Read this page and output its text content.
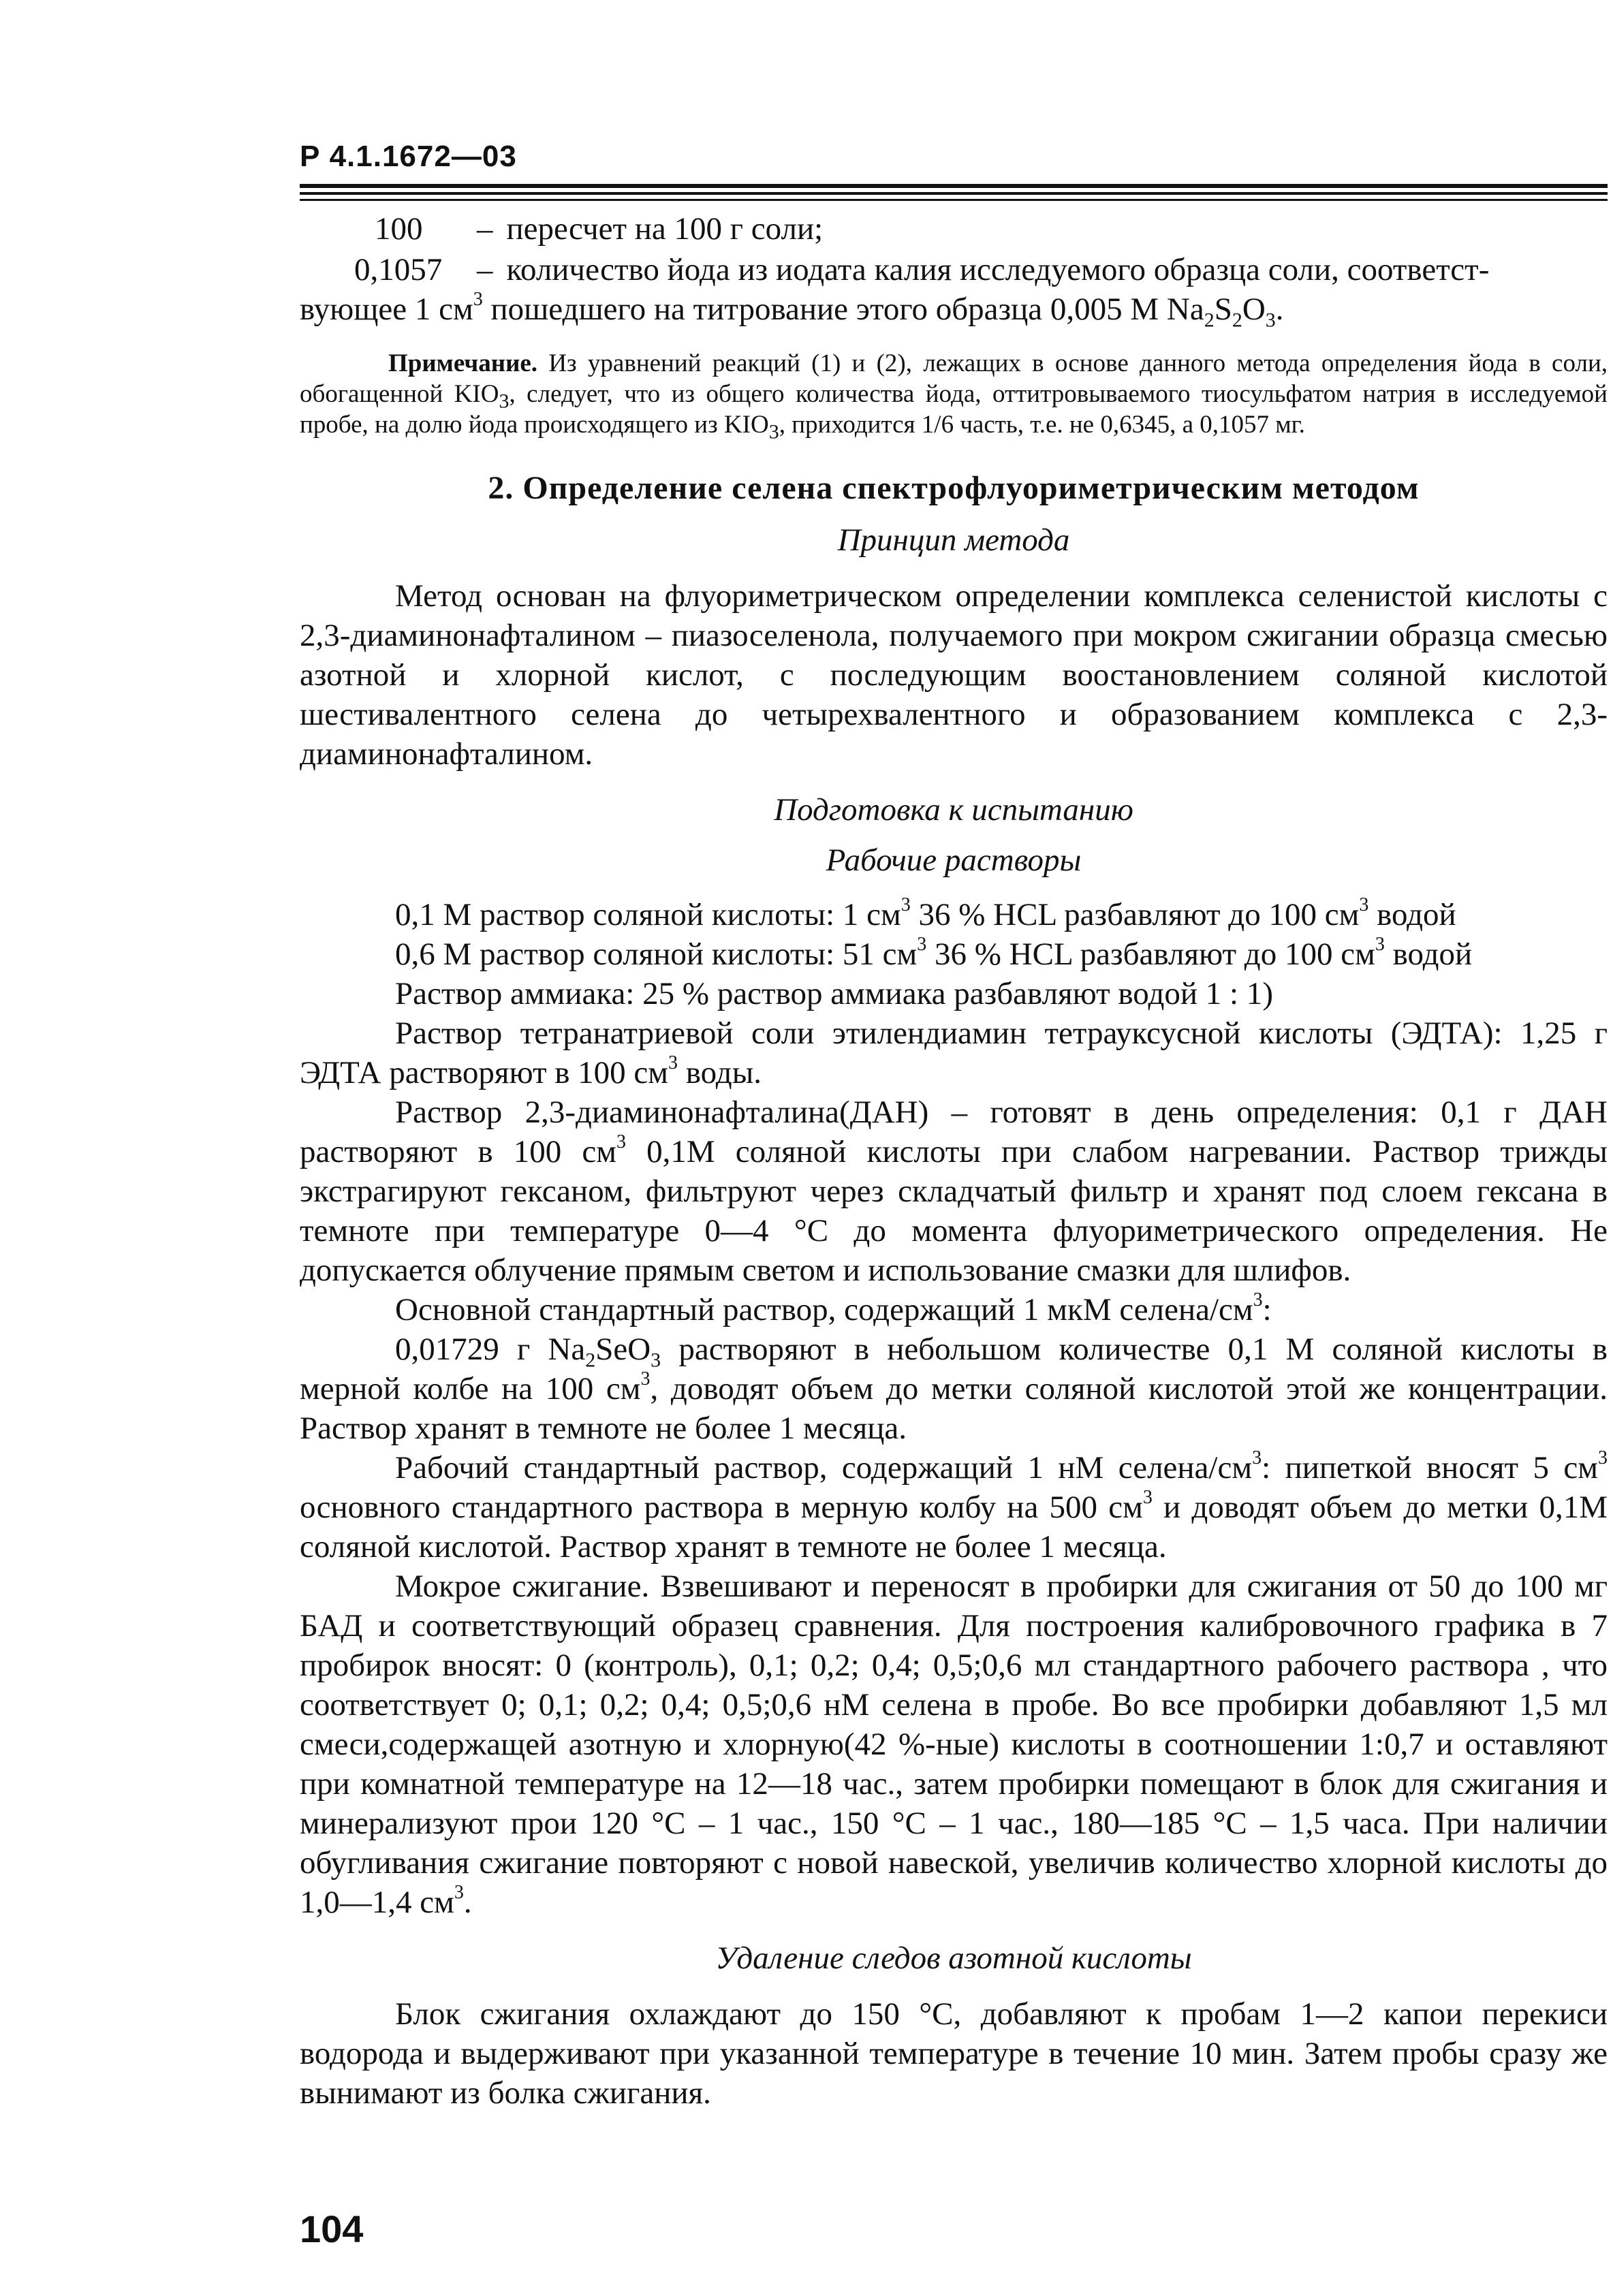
Р 4.1.1672—03
100	– пересчет на 100 г соли;
0,1057	– количество йода из иодата калия исследуемого образца соли, соответст-

вующее 1 $см^3$ пошедшего на титрование этого образца 0,005 М $Na_2S_2O_3$.

Примечание. Из уравнений реакций (1) и (2), лежащих в основе данного метода определения йода в соли, обогащенной $KIO_3$, следует, что из общего количества йода, оттитровываемого тиосульфатом натрия в исследуемой пробе, на долю йода происходящего из $KIO_3$, приходится 1/6 часть, т.е. не 0,6345, а 0,1057 мг.

2. Определение селена спектрофлуориметрическим методом

Принцип метода

Метод основан на флуориметрическом определении комплекса селенистой кислоты с 2,3-диаминонафталином – пиазоселенола, получаемого при мокром сжигании образца смесью азотной и хлорной кислот, с последующим воостановлением соляной кислотой шестивалентного селена до четырехвалентного и образованием комплекса с 2,3-диаминонафталином.

Подготовка к испытанию

Рабочие растворы

0,1 М раствор соляной кислоты: 1 $см^3$ 36 % HCL разбавляют до 100 $см^3$ водой

0,6 М раствор соляной кислоты: 51 $см^3$ 36 % HCL разбавляют до 100 $см^3$ водой

Раствор аммиака: 25 % раствор аммиака разбавляют водой 1 : 1)

Раствор тетранатриевой соли этилендиамин тетрауксусной кислоты (ЭДТА): 1,25 г ЭДТА растворяют в 100 $см^3$ воды.

Раствор 2,3-диаминонафталина(ДАН) – готовят в день определения: 0,1 г ДАН растворяют в 100 $см^3$ 0,1М соляной кислоты при слабом нагревании. Раствор трижды экстрагируют гексаном, фильтруют через складчатый фильтр и хранят под слоем гексана в темноте при температуре 0—4 °С до момента флуориметрического определения. Не допускается облучение прямым светом и использование смазки для шлифов.

Основной стандартный раствор, содержащий 1 мкМ селена/$см^3$:

0,01729 г $Na_2SeO_3$ растворяют в небольшом количестве 0,1 М соляной кислоты в мерной колбе на 100 $см^3$, доводят объем до метки соляной кислотой этой же концентрации. Раствор хранят в темноте не более 1 месяца.

Рабочий стандартный раствор, содержащий 1 нМ селена/$см^3$: пипеткой вносят 5 $см^3$ основного стандартного раствора в мерную колбу на 500 $см^3$ и доводят объем до метки 0,1М соляной кислотой. Раствор хранят в темноте не более 1 месяца.

Мокрое сжигание. Взвешивают и переносят в пробирки для сжигания от 50 до 100 мг БАД и соответствующий образец сравнения. Для построения калибровочного графика в 7 пробирок вносят: 0 (контроль), 0,1; 0,2; 0,4; 0,5;0,6 мл стандартного рабочего раствора , что соответствует 0; 0,1; 0,2; 0,4; 0,5;0,6 нМ селена в пробе. Во все пробирки добавляют 1,5 мл смеси,содержащей азотную и хлорную(42 %-ные) кислоты в соотношении 1:0,7 и оставляют при комнатной температуре на 12—18 час., затем пробирки помещают в блок для сжигания и минерализуют прои 120 °С – 1 час., 150 °С – 1 час., 180—185 °С – 1,5 часа. При наличии обугливания сжигание повторяют с новой навеской, увеличив количество хлорной кислоты до 1,0—1,4 $см^3$.

Удаление следов азотной кислоты

Блок сжигания охлаждают до 150 °С, добавляют к пробам 1—2 капои перекиси водорода и выдерживают при указанной температуре в течение 10 мин. Затем пробы сразу же вынимают из болка сжигания.

104
